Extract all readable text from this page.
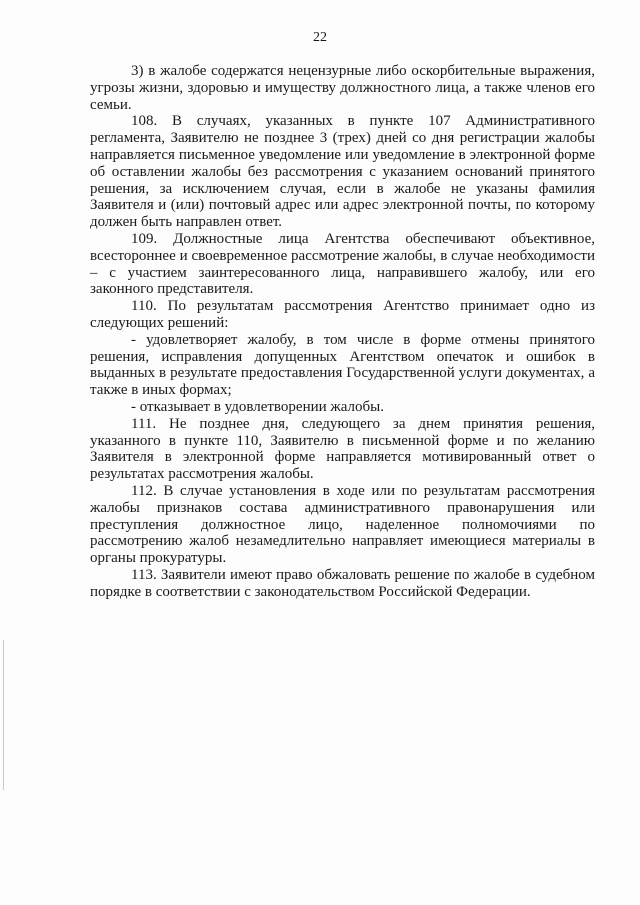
22

3) в жалобе содержатся нецензурные либо оскорбительные выражения, угрозы жизни, здоровью и имуществу должностного лица, а также членов его семьи.

108. В случаях, указанных в пункте 107 Административного регламента, Заявителю не позднее 3 (трех) дней со дня регистрации жалобы направляется письменное уведомление или уведомление в электронной форме об оставлении жалобы без рассмотрения с указанием оснований принятого решения, за исключением случая, если в жалобе не указаны фамилия Заявителя и (или) почтовый адрес или адрес электронной почты, по которому должен быть направлен ответ.

109. Должностные лица Агентства обеспечивают объективное, всестороннее и своевременное рассмотрение жалобы, в случае необходимости – с участием заинтересованного лица, направившего жалобу, или его законного представителя.

110. По результатам рассмотрения Агентство принимает одно из следующих решений:

- удовлетворяет жалобу, в том числе в форме отмены принятого решения, исправления допущенных Агентством опечаток и ошибок в выданных в результате предоставления Государственной услуги документах, а также в иных формах;

- отказывает в удовлетворении жалобы.

111. Не позднее дня, следующего за днем принятия решения, указанного в пункте 110, Заявителю в письменной форме и по желанию Заявителя в электронной форме направляется мотивированный ответ о результатах рассмотрения жалобы.

112. В случае установления в ходе или по результатам рассмотрения жалобы признаков состава административного правонарушения или преступления должностное лицо, наделенное полномочиями по рассмотрению жалоб незамедлительно направляет имеющиеся материалы в органы прокуратуры.

113. Заявители имеют право обжаловать решение по жалобе в судебном порядке в соответствии с законодательством Российской Федерации.
